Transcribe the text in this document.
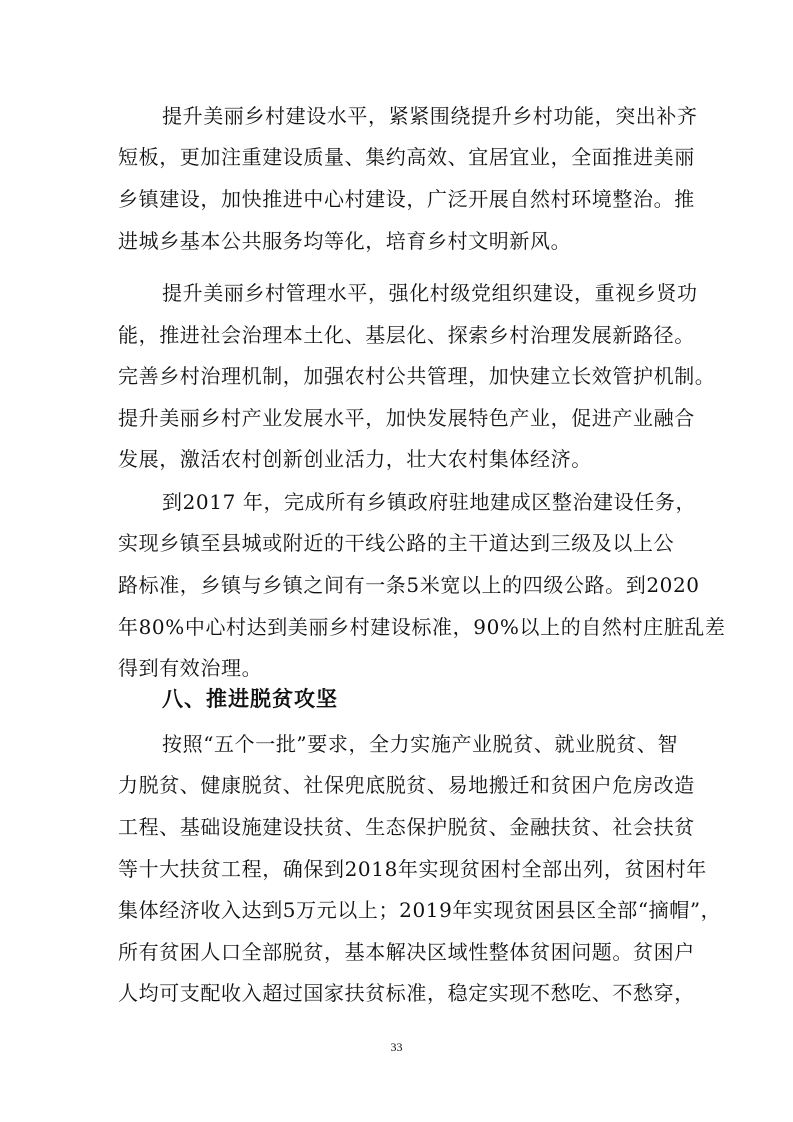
提升美丽乡村建设水平，紧紧围绕提升乡村功能，突出补齐

短板，更加注重建设质量、集约高效、宜居宜业，全面推进美丽

乡镇建设，加快推进中心村建设，广泛开展自然村环境整治。推

进城乡基本公共服务均等化，培育乡村文明新风。

提升美丽乡村管理水平，强化村级党组织建设，重视乡贤功

能，推进社会治理本土化、基层化、探索乡村治理发展新路径。

完善乡村治理机制，加强农村公共管理，加快建立长效管护机制。

提升美丽乡村产业发展水平，加快发展特色产业，促进产业融合

发展，激活农村创新创业活力，壮大农村集体经济。

到2017 年，完成所有乡镇政府驻地建成区整治建设任务，

实现乡镇至县城或附近的干线公路的主干道达到三级及以上公

路标准，乡镇与乡镇之间有一条5米宽以上的四级公路。到2020

年80%中心村达到美丽乡村建设标准，90%以上的自然村庄脏乱差

得到有效治理。

八、推进脱贫攻坚

按照“五个一批”要求，全力实施产业脱贫、就业脱贫、智

力脱贫、健康脱贫、社保兜底脱贫、易地搬迁和贫困户危房改造

工程、基础设施建设扶贫、生态保护脱贫、金融扶贫、社会扶贫

等十大扶贫工程，确保到2018年实现贫困村全部出列，贫困村年

集体经济收入达到5万元以上；2019年实现贫困县区全部“摘帽”，

所有贫困人口全部脱贫，基本解决区域性整体贫困问题。贫困户

人均可支配收入超过国家扶贫标准，稳定实现不愁吃、不愁穿，

33
